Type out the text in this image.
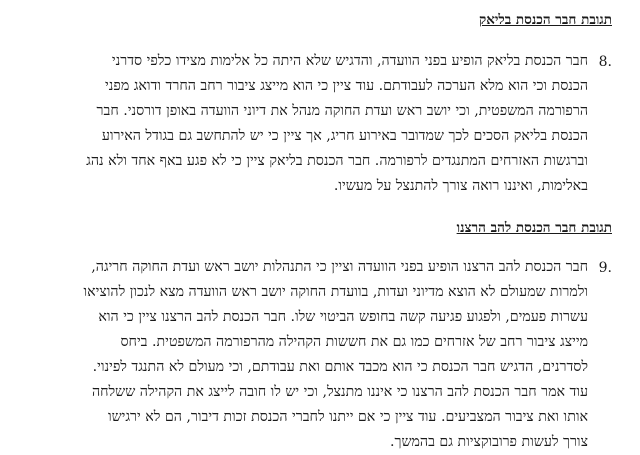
תגובת חבר הכנסת בליאק
8.
חבר הכנסת בליאק הופיע בפני הוועדה, והדגיש שלא היתה כל אלימות מצידו כלפי סדרני
הכנסת וכי הוא מלא הערכה לעבודתם. עוד ציין כי הוא מייצג ציבור רחב החרד ודואג מפני
הרפורמה המשפטית, וכי יושב ראש ועדת החוקה מנהל את דיוני הוועדה באופן דורסני. חבר
הכנסת בליאק הסכים לכך שמדובר באירוע חריג, אך ציין כי יש להתחשב גם בגודל האירוע
וברגשות האזרחים המתנגדים לרפורמה. חבר הכנסת בליאק ציין כי לא פגע באף אחד ולא נהג
באלימות, ואיננו רואה צורך להתנצל על מעשיו.
תגובת חבר הכנסת להב הרצנו
9.
חבר הכנסת להב הרצנו הופיע בפני הוועדה וציין כי התנהלות יושב ראש ועדת החוקה חריגה,
ולמרות שמעולם לא הוצא מדיוני ועדות, בוועדת החוקה יושב ראש הוועדה מצא לנכון להוציאו
עשרות פעמים, ולפגוע פגיעה קשה בחופש הביטוי שלו. חבר הכנסת להב הרצנו ציין כי הוא
מייצג ציבור רחב של אזרחים כמו גם את חששות הקהילה מהרפורמה המשפטית. ביחס
לסדרנים, הדגיש חבר הכנסת כי הוא מכבד אותם ואת עבודתם, וכי מעולם לא התנגד לפינוי.
עוד אמר חבר הכנסת להב הרצנו כי איננו מתנצל, וכי יש לו חובה לייצג את הקהילה ששלחה
אותו ואת ציבור המצביעים. עוד ציין כי אם ייתנו לחברי הכנסת זכות דיבור, הם לא ירגישו
צורך לעשות פרובוקציות גם בהמשך.
